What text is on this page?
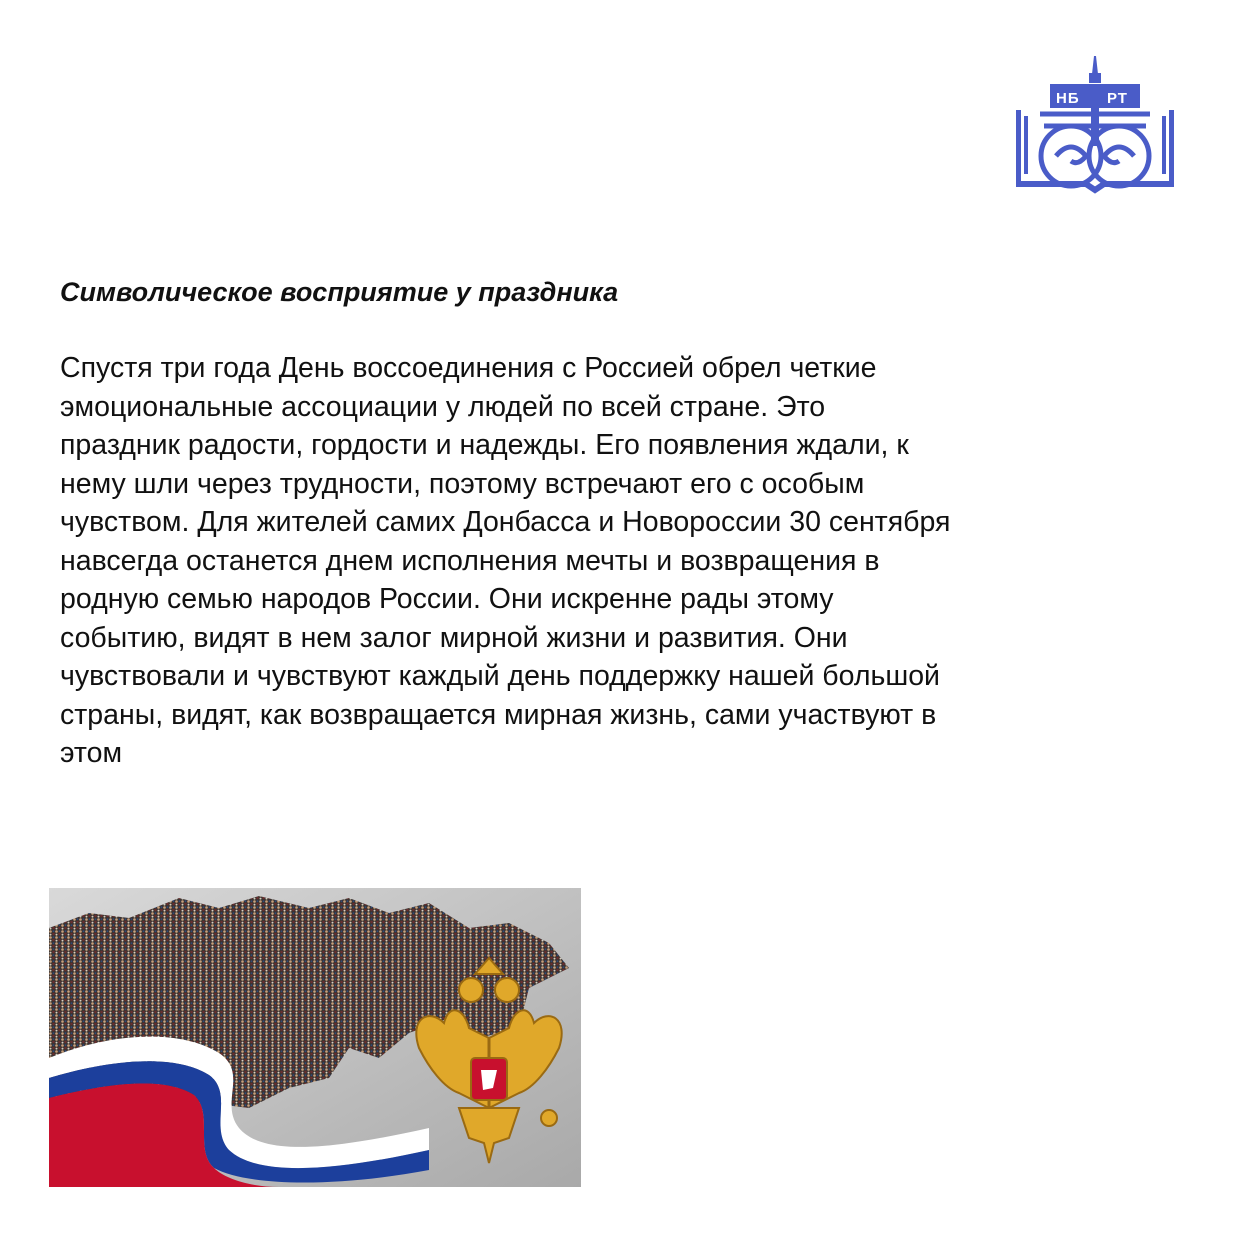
НБ РТ
Символическое восприятие у праздника

Спустя три года День воссоединения с Россией обрел четкие
эмоциональные ассоциации у людей по всей стране. Это
праздник радости, гордости и надежды. Его появления ждали, к
нему шли через трудности, поэтому встречают его с особым
чувством. Для жителей самих Донбасса и Новороссии 30 сентября
навсегда останется днем исполнения мечты и возвращения в
родную семью народов России. Они искренне рады этому
событию, видят в нем залог мирной жизни и развития. Они
чувствовали и чувствуют каждый день поддержку нашей большой
страны, видят, как возвращается мирная жизнь, сами участвуют в
этом
